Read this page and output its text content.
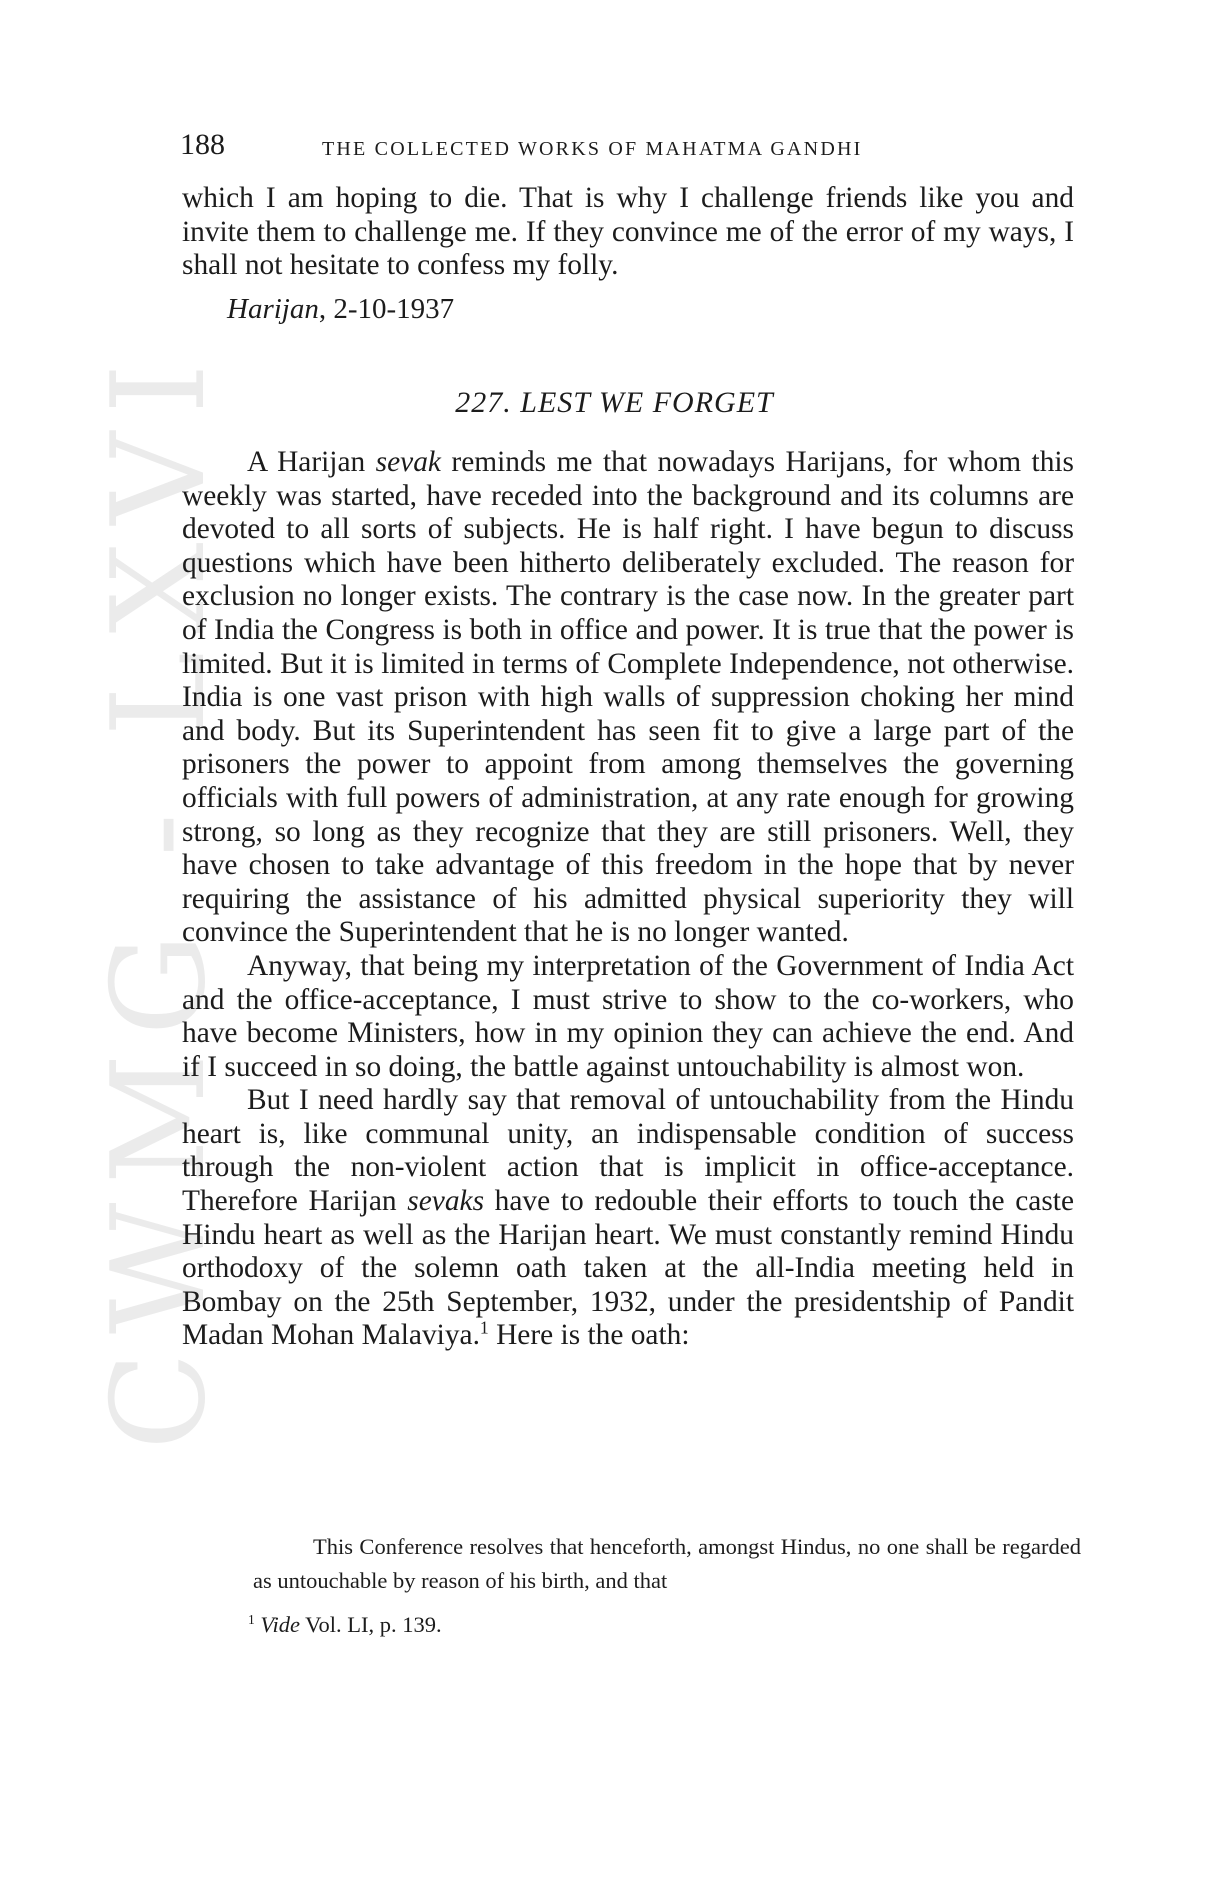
CWMG - LXVI
188	THE COLLECTED WORKS OF MAHATMA GANDHI

which I am hoping to die. That is why I challenge friends like you and invite them to challenge me. If they convince me of the error of my ways, I shall not hesitate to confess my folly.

Harijan, 2-10-1937
227. LEST WE FORGET

A Harijan sevak reminds me that nowadays Harijans, for whom this weekly was started, have receded into the background and its columns are devoted to all sorts of subjects. He is half right. I have begun to discuss questions which have been hitherto deliberately excluded. The reason for exclusion no longer exists. The contrary is the case now. In the greater part of India the Congress is both in office and power. It is true that the power is limited. But it is limited in terms of Complete Independence, not otherwise. India is one vast prison with high walls of suppression choking her mind and body. But its Superintendent has seen fit to give a large part of the prisoners the power to appoint from among themselves the governing officials with full powers of administration, at any rate enough for growing strong, so long as they recognize that they are still prisoners. Well, they have chosen to take advantage of this freedom in the hope that by never requiring the assistance of his admitted physical superiority they will convince the Superintendent that he is no longer wanted.

Anyway, that being my interpretation of the Government of India Act and the office-acceptance, I must strive to show to the co-workers, who have become Ministers, how in my opinion they can achieve the end. And if I succeed in so doing, the battle against untouchability is almost won.

But I need hardly say that removal of untouchability from the Hindu heart is, like communal unity, an indispensable condition of success through the non-violent action that is implicit in office-acceptance. Therefore Harijan sevaks have to redouble their efforts to touch the caste Hindu heart as well as the Harijan heart. We must constantly remind Hindu orthodoxy of the solemn oath taken at the all-India meeting held in Bombay on the 25th September, 1932, under the presidentship of Pandit Madan Mohan Malaviya.$^1$ Here is the oath:

This Conference resolves that henceforth, amongst Hindus, no one shall be regarded as untouchable by reason of his birth, and that

$^1$ Vide Vol. LI, p. 139.
